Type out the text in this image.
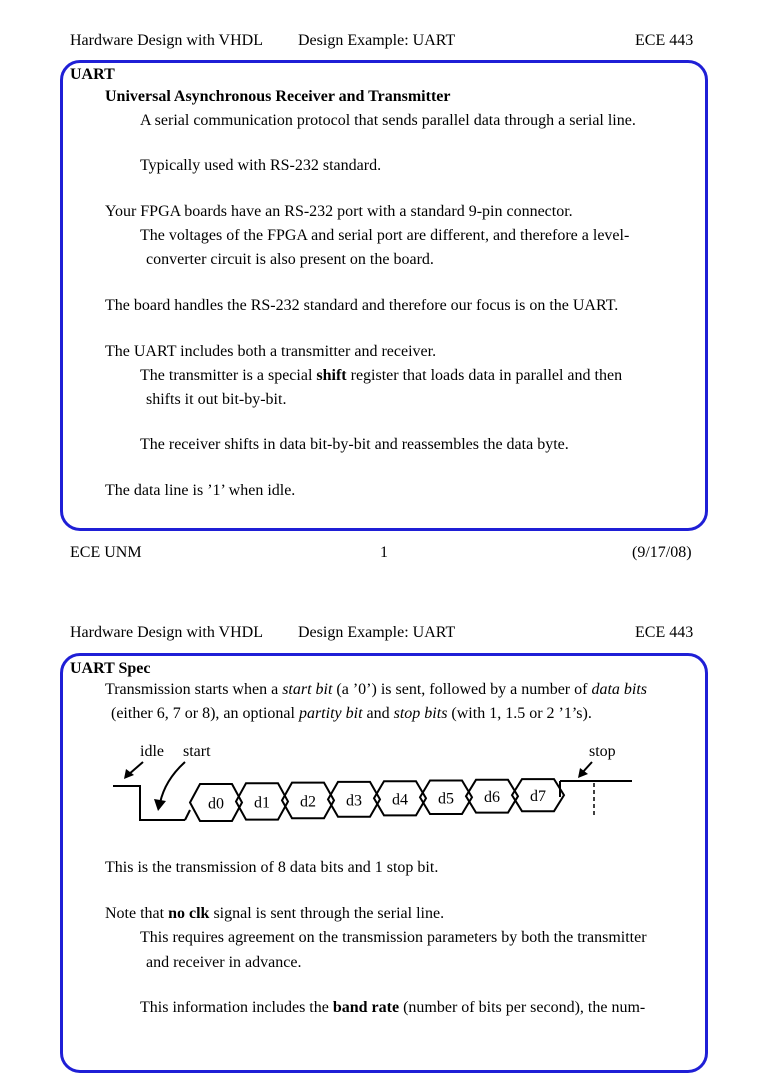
Hardware Design with VHDL Design Example: UART	ECE 443
UART
Universal Asynchronous Receiver and Transmitter
A serial communication protocol that sends parallel data through a serial line.
Typically used with RS-232 standard.
Your FPGA boards have an RS-232 port with a standard 9-pin connector.
The voltages of the FPGA and serial port are different, and therefore a level-
converter circuit is also present on the board.
The board handles the RS-232 standard and therefore our focus is on the UART.
The UART includes both a transmitter and receiver.
The transmitter is a special shift register that loads data in parallel and then
shifts it out bit-by-bit.
The receiver shifts in data bit-by-bit and reassembles the data byte.
The data line is ’1’ when idle.
ECE UNM	1	(9/17/08)
Hardware Design with VHDL Design Example: UART	ECE 443
UART Spec
Transmission starts when a start bit (a ’0’) is sent, followed by a number of data bits
(either 6, 7 or 8), an optional partity bit and stop bits (with 1, 1.5 or 2 ’1’s).
idle start	stop
d0 d1 d2 d3 d4 d5 d6 d7
This is the transmission of 8 data bits and 1 stop bit.
Note that no clk signal is sent through the serial line.
This requires agreement on the transmission parameters by both the transmitter
and receiver in advance.
This information includes the band rate (number of bits per second), the num-
